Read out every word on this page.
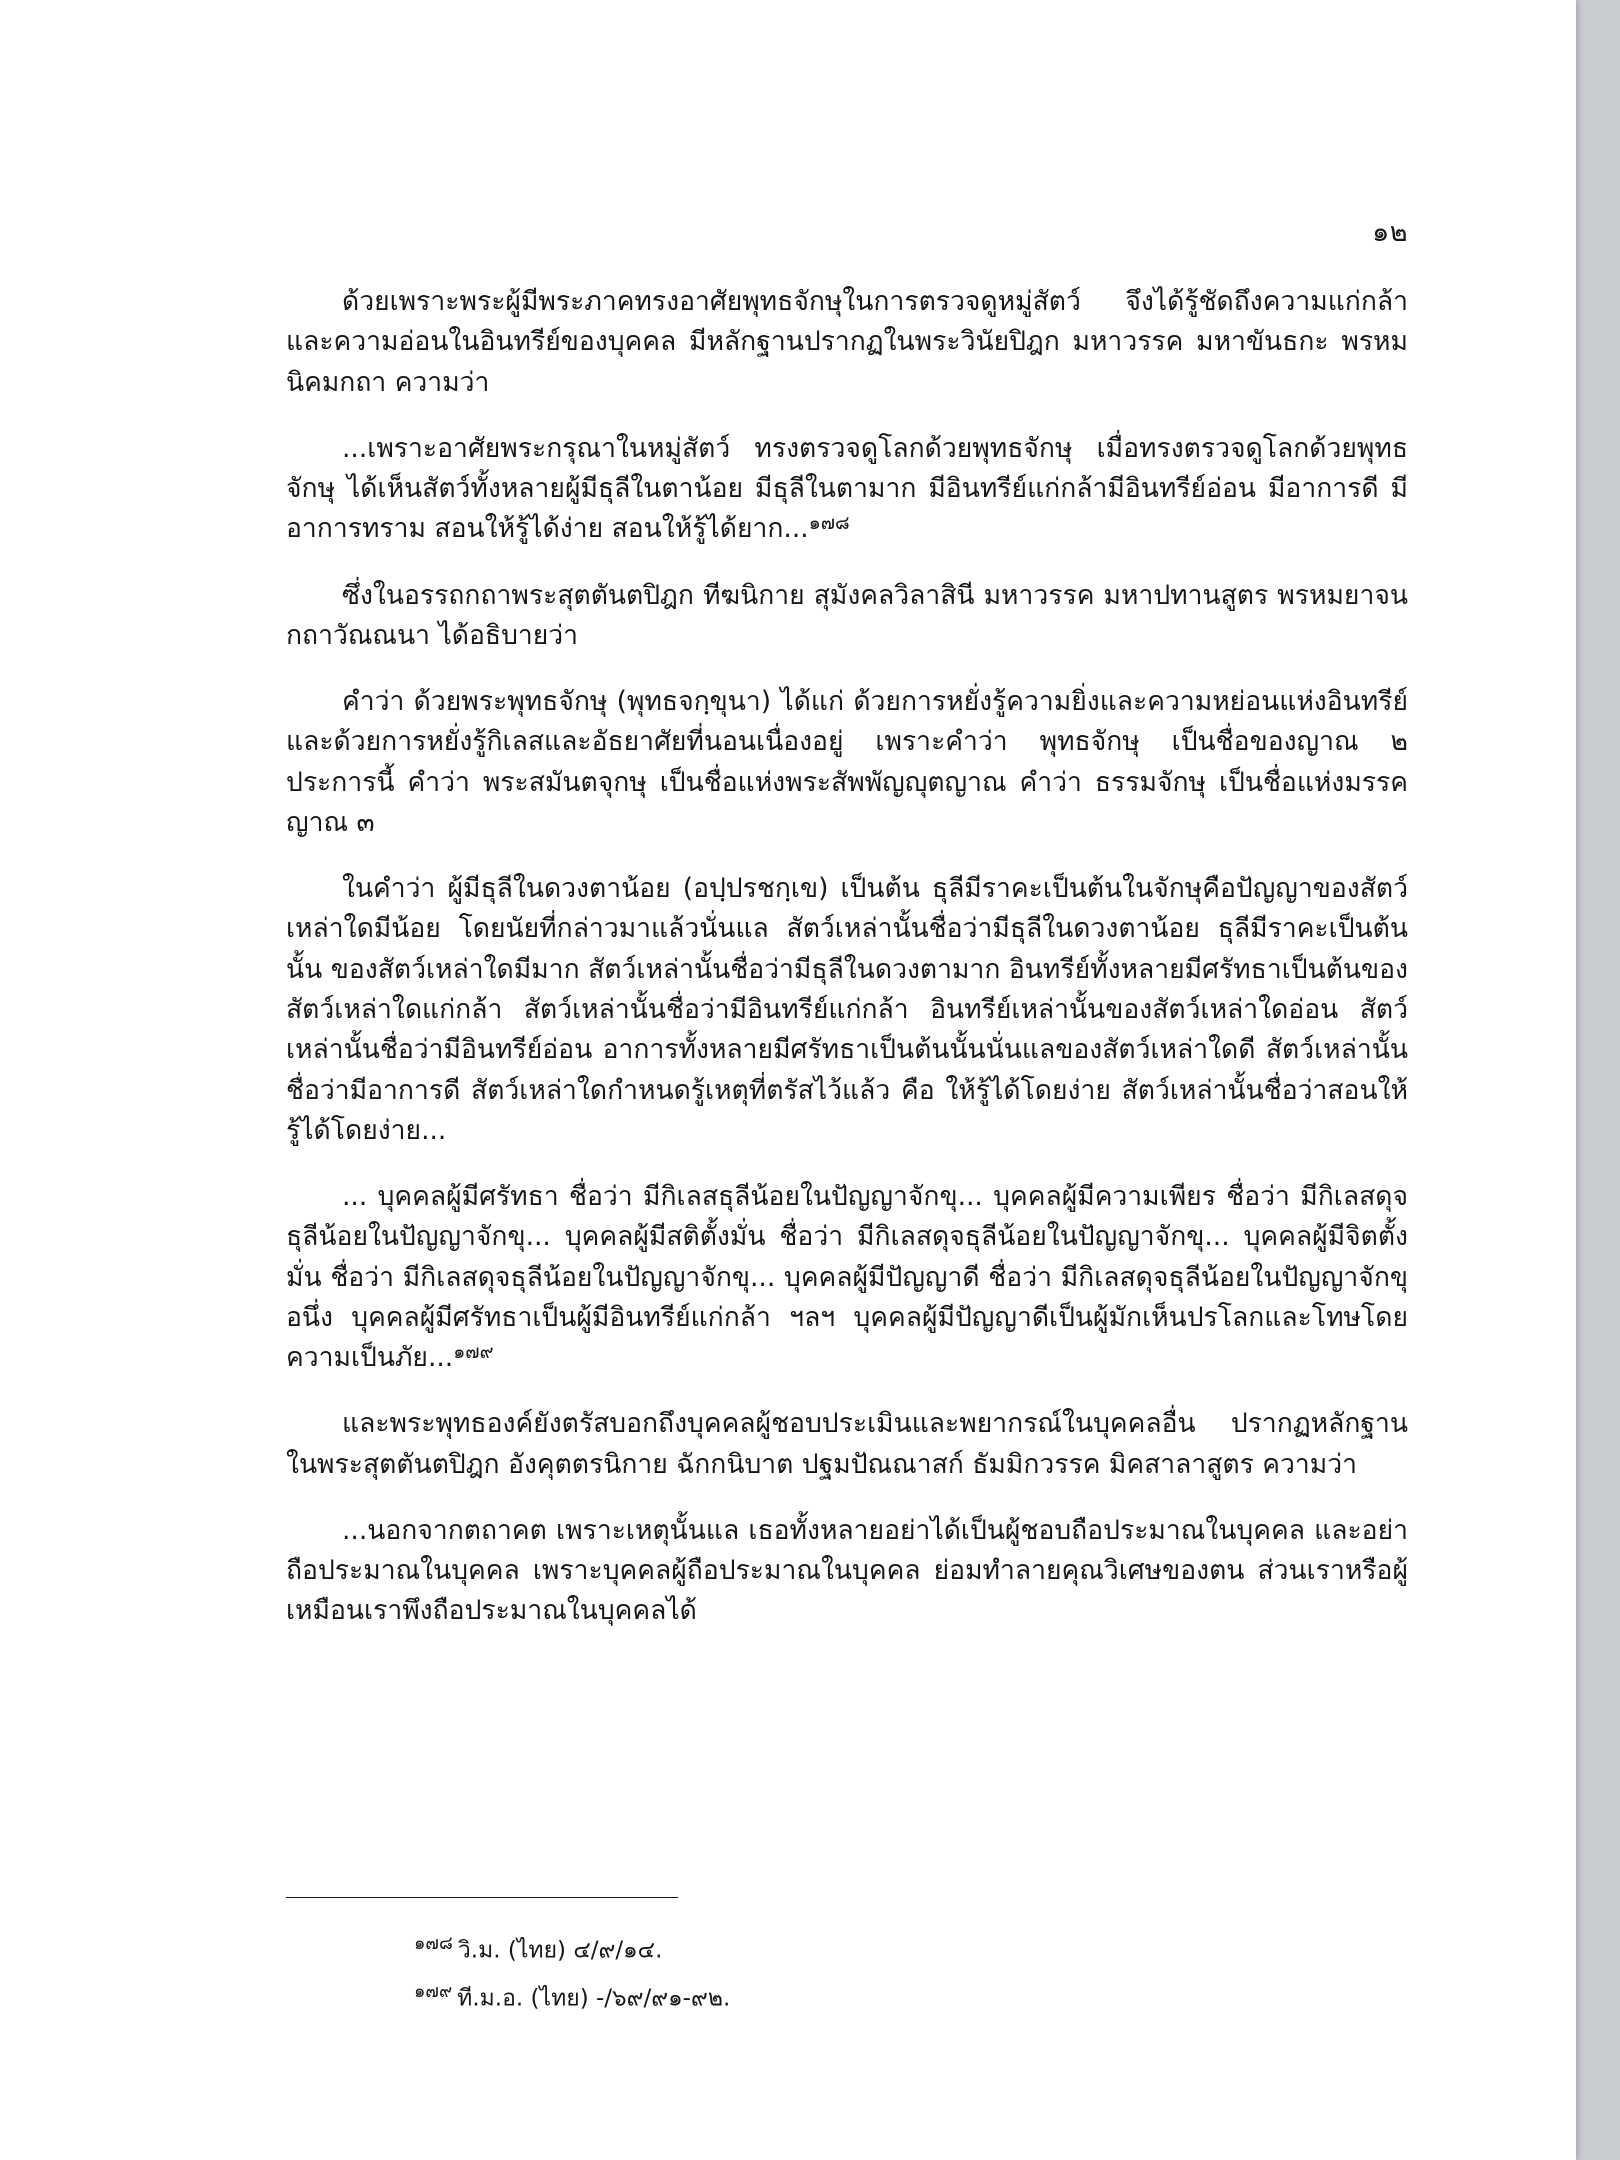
๑๒

ด้วยเพราะพระผู้มีพระภาคทรงอาศัยพุทธจักษุในการตรวจดูหมู่สัตว์ จึงได้รู้ชัดถึงความแก่กล้าและความอ่อนในอินทรีย์ของบุคคล มีหลักฐานปรากฏในพระวินัยปิฎก มหาวรรค มหาขันธกะ พรหมนิคมกถา ความว่า

...เพราะอาศัยพระกรุณาในหมู่สัตว์ ทรงตรวจดูโลกด้วยพุทธจักษุ เมื่อทรงตรวจดูโลกด้วยพุทธจักษุ ได้เห็นสัตว์ทั้งหลายผู้มีธุลีในตาน้อย มีธุลีในตามาก มีอินทรีย์แก่กล้ามีอินทรีย์อ่อน มีอาการดี มีอาการทราม สอนให้รู้ได้ง่าย สอนให้รู้ได้ยาก...$^{๑๗๘}$

ซึ่งในอรรถกถาพระสุตตันตปิฎก ทีฆนิกาย สุมังคลวิลาสินี มหาวรรค มหาปทานสูตร พรหมยาจนกถาวัณณนา ได้อธิบายว่า

คำว่า ด้วยพระพุทธจักษุ (พุทธจกฺขุนา) ได้แก่ ด้วยการหยั่งรู้ความยิ่งและความหย่อนแห่งอินทรีย์ และด้วยการหยั่งรู้กิเลสและอัธยาศัยที่นอนเนื่องอยู่ เพราะคำว่า พุทธจักษุ เป็นชื่อของญาณ ๒ ประการนี้ คำว่า พระสมันตจุกษุ เป็นชื่อแห่งพระสัพพัญญุตญาณ คำว่า ธรรมจักษุ เป็นชื่อแห่งมรรคญาณ ๓

ในคำว่า ผู้มีธุลีในดวงตาน้อย (อปฺปรชกฺเข) เป็นต้น ธุลีมีราคะเป็นต้นในจักษุคือปัญญาของสัตว์เหล่าใดมีน้อย โดยนัยที่กล่าวมาแล้วนั่นแล สัตว์เหล่านั้นชื่อว่ามีธุลีในดวงตาน้อย ธุลีมีราคะเป็นต้นนั้น ของสัตว์เหล่าใดมีมาก สัตว์เหล่านั้นชื่อว่ามีธุลีในดวงตามาก อินทรีย์ทั้งหลายมีศรัทธาเป็นต้นของสัตว์เหล่าใดแก่กล้า สัตว์เหล่านั้นชื่อว่ามีอินทรีย์แก่กล้า อินทรีย์เหล่านั้นของสัตว์เหล่าใดอ่อน สัตว์เหล่านั้นชื่อว่ามีอินทรีย์อ่อน อาการทั้งหลายมีศรัทธาเป็นต้นนั้นนั่นแลของสัตว์เหล่าใดดี สัตว์เหล่านั้นชื่อว่ามีอาการดี สัตว์เหล่าใดกำหนดรู้เหตุที่ตรัสไว้แล้ว คือ ให้รู้ได้โดยง่าย สัตว์เหล่านั้นชื่อว่าสอนให้รู้ได้โดยง่าย...

... บุคคลผู้มีศรัทธา ชื่อว่า มีกิเลสธุลีน้อยในปัญญาจักขุ... บุคคลผู้มีความเพียร ชื่อว่า มีกิเลสดุจธุลีน้อยในปัญญาจักขุ... บุคคลผู้มีสติตั้งมั่น ชื่อว่า มีกิเลสดุจธุลีน้อยในปัญญาจักขุ... บุคคลผู้มีจิตตั้งมั่น ชื่อว่า มีกิเลสดุจธุลีน้อยในปัญญาจักขุ... บุคคลผู้มีปัญญาดี ชื่อว่า มีกิเลสดุจธุลีน้อยในปัญญาจักขุ อนึ่ง บุคคลผู้มีศรัทธาเป็นผู้มีอินทรีย์แก่กล้า ฯลฯ บุคคลผู้มีปัญญาดีเป็นผู้มักเห็นปรโลกและโทษโดยความเป็นภัย...$^{๑๗๙}$

และพระพุทธองค์ยังตรัสบอกถึงบุคคลผู้ชอบประเมินและพยากรณ์ในบุคคลอื่น ปรากฏหลักฐานในพระสุตตันตปิฎก อังคุตตรนิกาย ฉักกนิบาต ปฐมปัณณาสก์ ธัมมิกวรรค มิคสาลาสูตร ความว่า

...นอกจากตถาคต เพราะเหตุนั้นแล เธอทั้งหลายอย่าได้เป็นผู้ชอบถือประมาณในบุคคล และอย่าถือประมาณในบุคคล เพราะบุคคลผู้ถือประมาณในบุคคล ย่อมทำลายคุณวิเศษของตน ส่วนเราหรือผู้เหมือนเราพึงถือประมาณในบุคคลได้

$^{๑๗๘}$ วิ.ม. (ไทย) ๔/๙/๑๔.

$^{๑๗๙}$ ที.ม.อ. (ไทย) -/๖๙/๙๑-๙๒.
